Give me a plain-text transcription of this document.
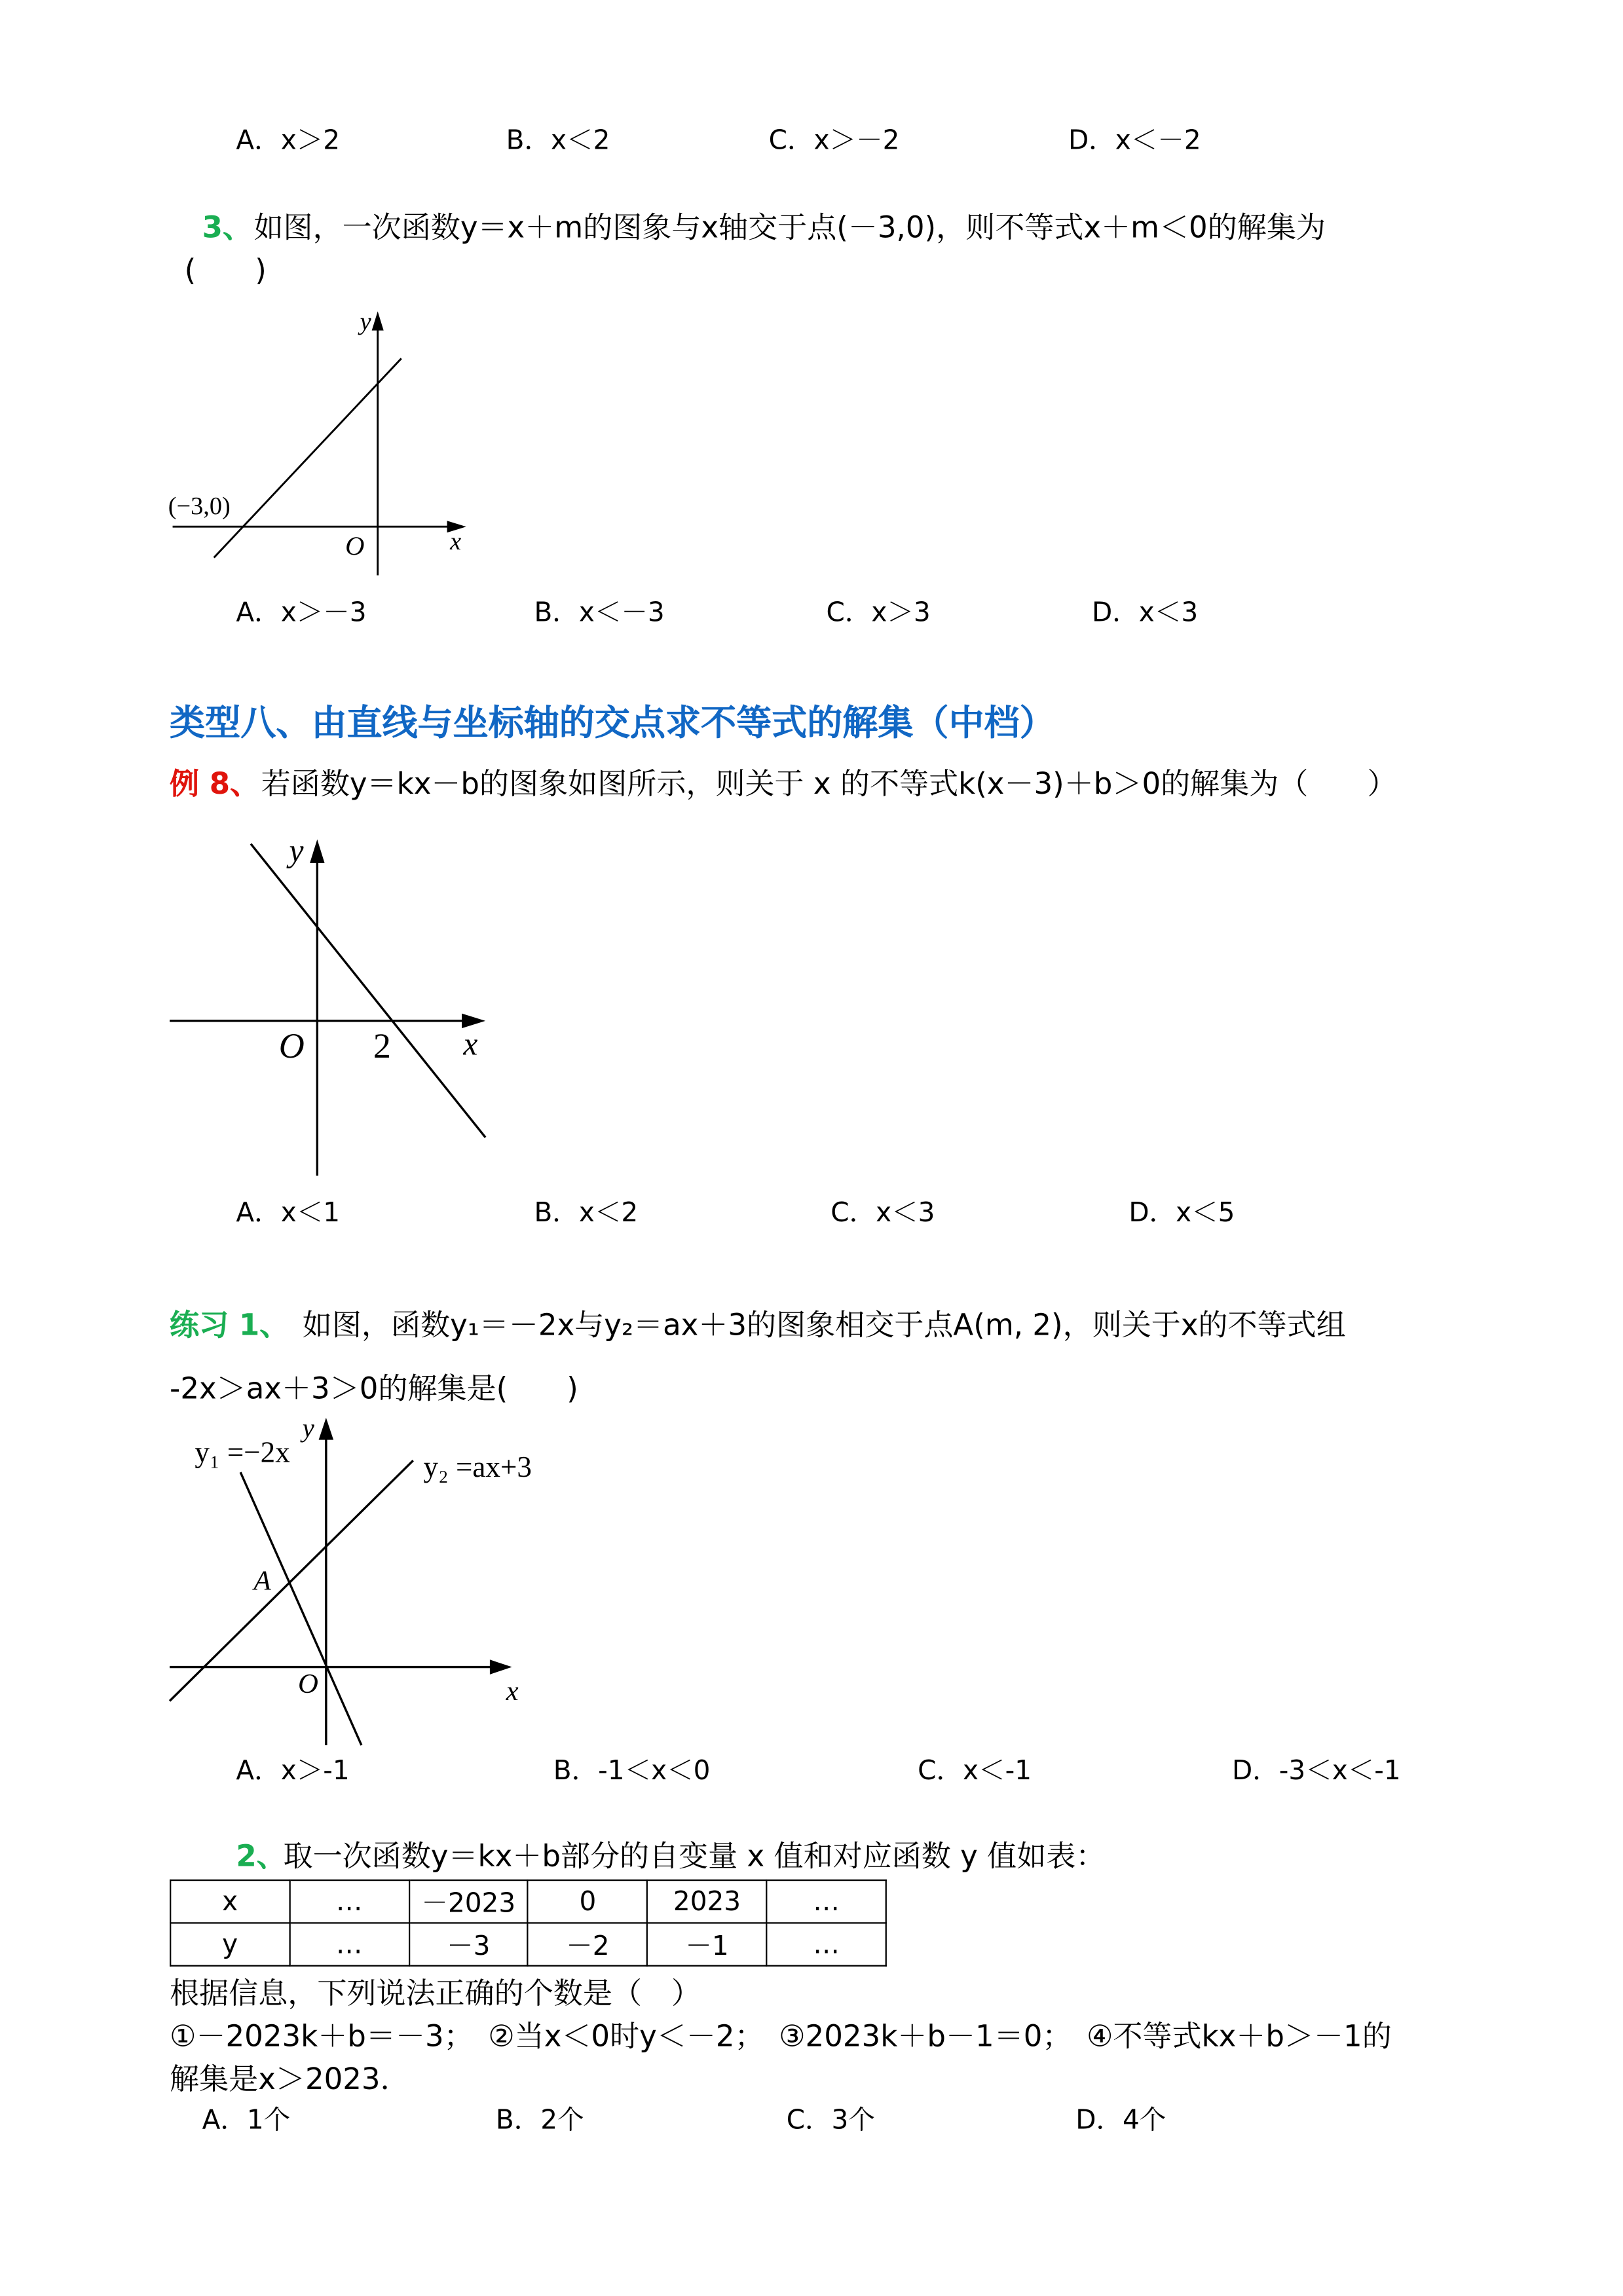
A．x＞2	B．x＜2	C．x＞－2	D．x＜－2
3、 如图，一次函数y＝x＋m的图象与x轴交于点(－3,0)，则不等式x＋m＜0的解集为
(　　)
(−3,0)
O	x
y
A．x＞－3	B．x＜－3	C．x＞3	D．x＜3
类型八、由直线与坐标轴的交点求不等式的解集（中档）
例 8、 若函数y＝kx－b的图象如图所示，则关于 x 的不等式k(x－3)＋b＞0的解集为（　　）
y
O	2	x
A．x＜1	B．x＜2	C．x＜3	D．x＜5
练习 1、 如图，函数y₁＝－2x与y₂＝ax＋3的图象相交于点A(m, 2)，则关于x的不等式组
-2x＞ax＋3＞0的解集是(　　)
y₁ =−2x
y
y₂ =ax+3
A
O	x
A．x＞-1	B．-1＜x＜0	C．x＜-1	D．-3＜x＜-1
2、
取一次函数y＝kx＋b部分的自变量 x 值和对应函数 y 值如表：
x	…	－2023	0	2023	…
y	…	－3	－2	－1	…
根据信息，下列说法正确的个数是（　）
①－2023k＋b＝－3；　②当x＜0时y＜－2；　③2023k＋b－1＝0；　④不等式kx＋b＞－1的
解集是x＞2023．
A．1个	B．2个	C．3个	D．4个
